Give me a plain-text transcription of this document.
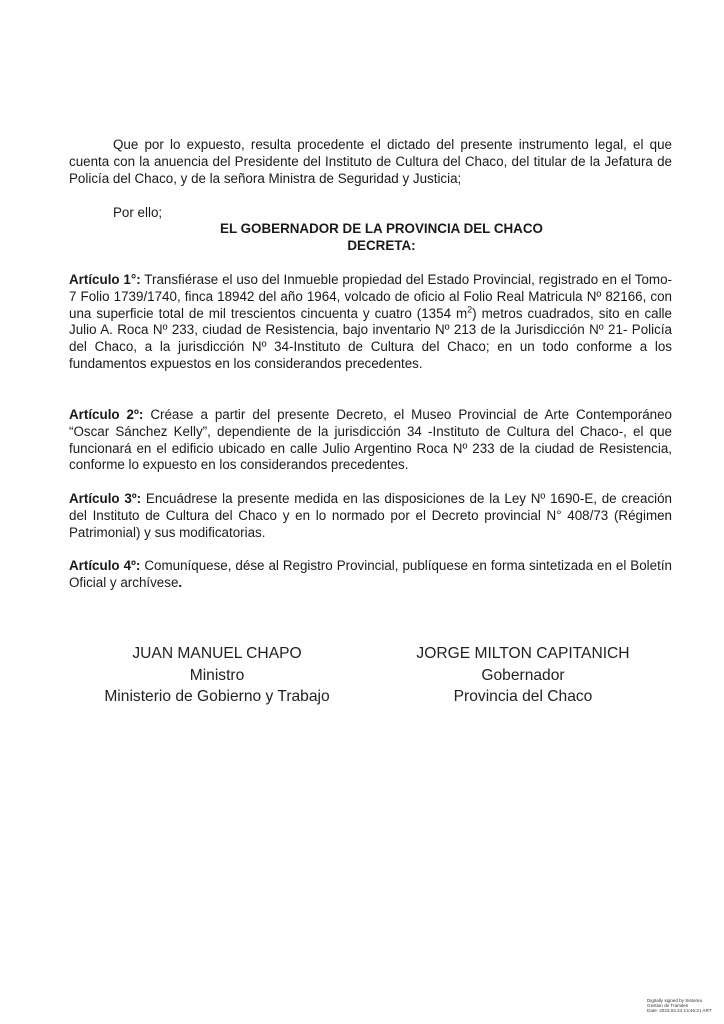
Que por lo expuesto, resulta procedente el dictado del presente instrumento legal, el que cuenta con la anuencia del Presidente del Instituto de Cultura del Chaco, del titular de la Jefatura de Policía del Chaco, y de la señora Ministra de Seguridad y Justicia;

Por ello;
EL GOBERNADOR DE LA PROVINCIA DEL CHACO
DECRETA:

Artículo 1°: Transfiérase el uso del Inmueble propiedad del Estado Provincial, registrado en el Tomo-7 Folio 1739/1740, finca 18942 del año 1964, volcado de oficio al Folio Real Matricula Nº 82166, con una superficie total de mil trescientos cincuenta y cuatro (1354 $m^2$) metros cuadrados, sito en calle Julio A. Roca Nº 233, ciudad de Resistencia, bajo inventario Nº 213 de la Jurisdicción Nº 21- Policía del Chaco, a la jurisdicción Nº 34-Instituto de Cultura del Chaco; en un todo conforme a los fundamentos expuestos en los considerandos precedentes.

Artículo 2º: Créase a partir del presente Decreto, el Museo Provincial de Arte Contemporáneo “Oscar Sánchez Kelly”, dependiente de la jurisdicción 34 -Instituto de Cultura del Chaco-, el que funcionará en el edificio ubicado en calle Julio Argentino Roca Nº 233 de la ciudad de Resistencia, conforme lo expuesto en los considerandos precedentes.

Artículo 3º: Encuádrese la presente medida en las disposiciones de la Ley Nº 1690-E, de creación del Instituto de Cultura del Chaco y en lo normado por el Decreto provincial N° 408/73 (Régimen Patrimonial) y sus modificatorias.

Artículo 4º: Comuníquese, dése al Registro Provincial, publíquese en forma sintetizada en el Boletín Oficial y archívese.

JUAN MANUEL CHAPO
Ministro
Ministerio de Gobierno y Trabajo
JORGE MILTON CAPITANICH
Gobernador
Provincia del Chaco
Digitally signed by Sistema
Gestion de Tramites
Date: 2023.04.24 13:46:21 ART
